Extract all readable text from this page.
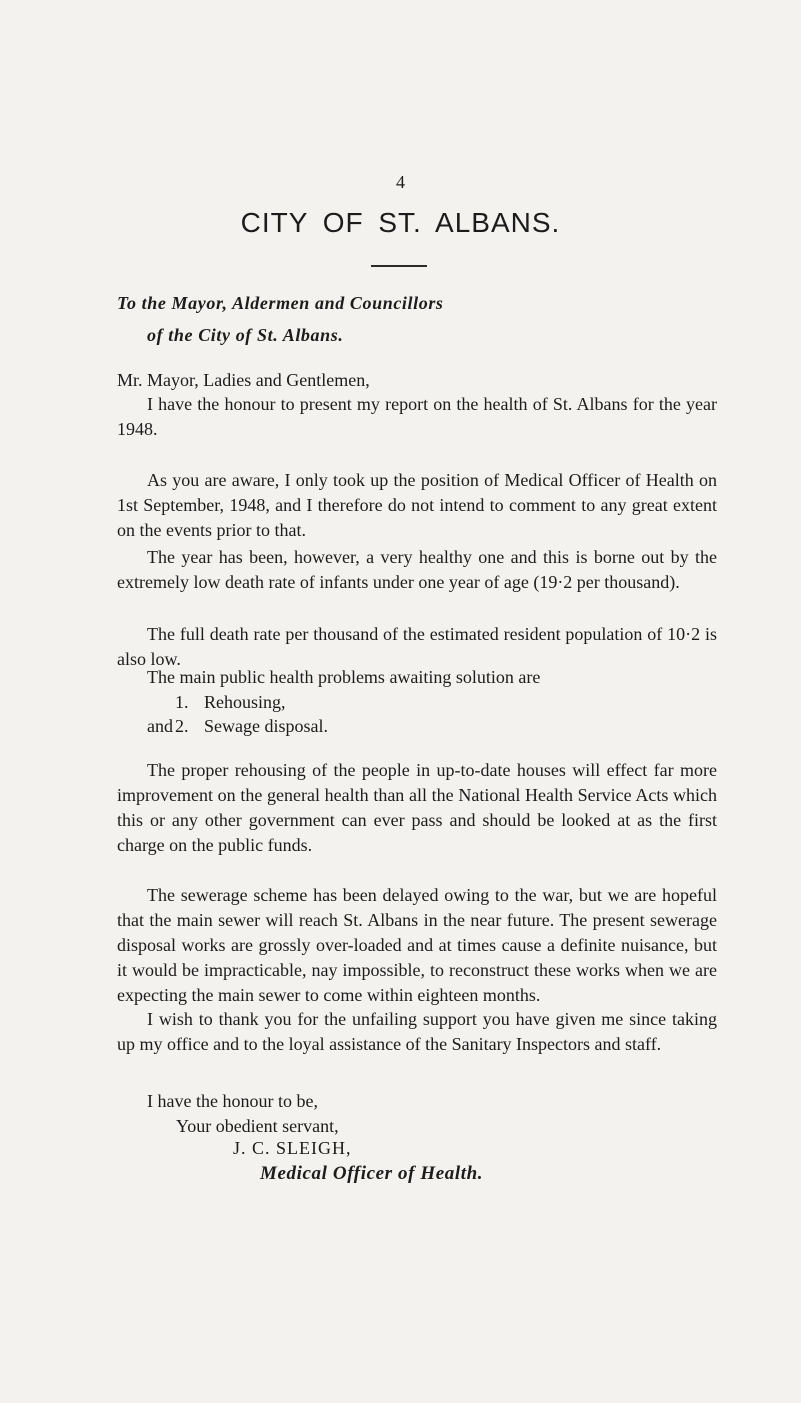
4
CITY OF ST. ALBANS.
To the Mayor, Aldermen and Councillors
of the City of St. Albans.
Mr. Mayor, Ladies and Gentlemen,
I have the honour to present my report on the health of St. Albans for the year 1948.
As you are aware, I only took up the position of Medical Officer of Health on 1st September, 1948, and I therefore do not intend to comment to any great extent on the events prior to that.
The year has been, however, a very healthy one and this is borne out by the extremely low death rate of infants under one year of age (19·2 per thousand).
The full death rate per thousand of the estimated resident population of 10·2 is also low.
The main public health problems awaiting solution are
1. Rehousing,
and 2. Sewage disposal.
The proper rehousing of the people in up-to-date houses will effect far more improvement on the general health than all the National Health Service Acts which this or any other government can ever pass and should be looked at as the first charge on the public funds.
The sewerage scheme has been delayed owing to the war, but we are hopeful that the main sewer will reach St. Albans in the near future. The present sewerage disposal works are grossly over-loaded and at times cause a definite nuisance, but it would be impracticable, nay impossible, to reconstruct these works when we are expecting the main sewer to come within eighteen months.
I wish to thank you for the unfailing support you have given me since taking up my office and to the loyal assistance of the Sanitary Inspectors and staff.
I have the honour to be,
Your obedient servant,
J. C. SLEIGH,
Medical Officer of Health.
